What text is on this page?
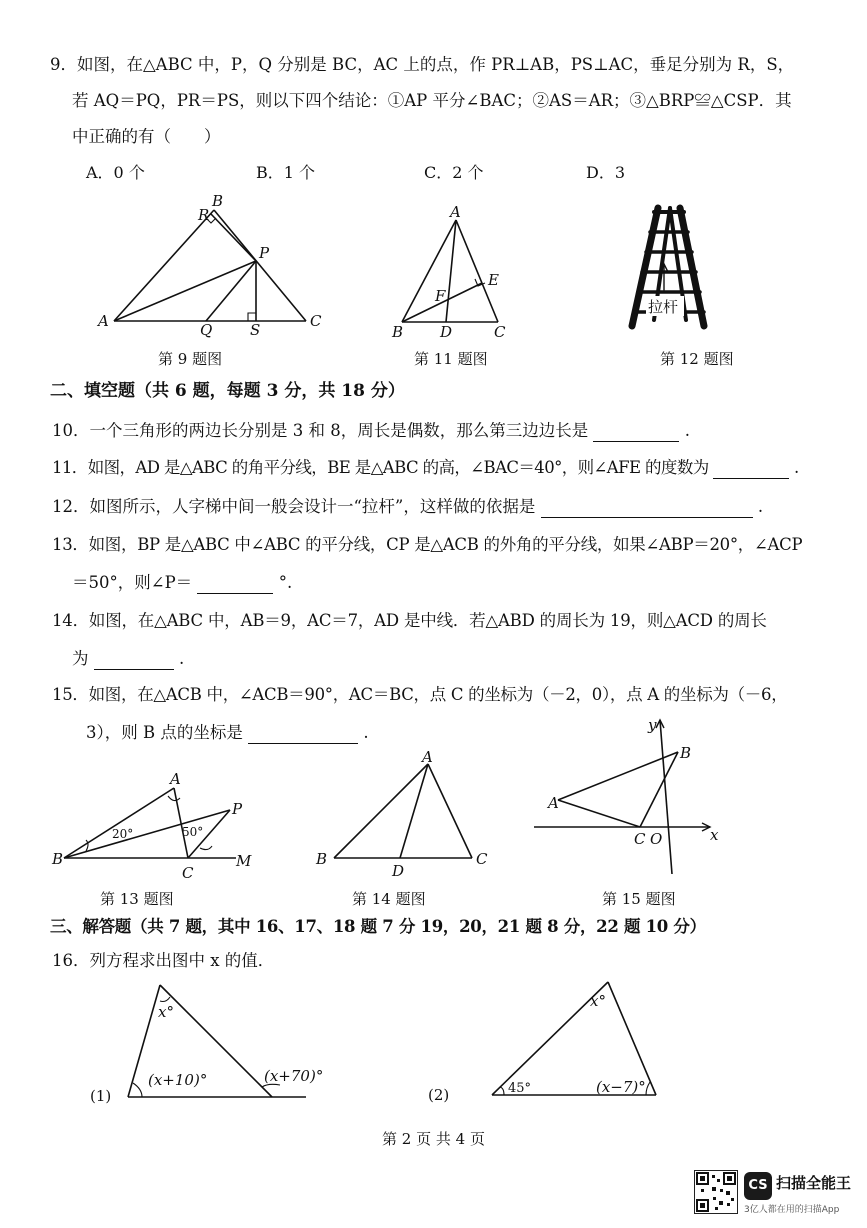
9．如图，在△ABC 中，P，Q 分别是 BC，AC 上的点，作 PR⊥AB，PS⊥AC，垂足分别为 R，S，
若 AQ＝PQ，PR＝PS，则以下四个结论：①AP 平分∠BAC；②AS＝AR；③△BRP≌△CSP．其
中正确的有（　　）
A．0 个	B．1 个	C．2 个	D．3
B
R
P
A	Q	S	C
第 9 题图
A
E
F
B D	C
第 11 题图
拉杆
第 12 题图
二、填空题（共 6 题，每题 3 分，共 18 分）
10．一个三角形的两边长分别是 3 和 8，周长是偶数，那么第三边边长是	.
11．如图，AD 是△ABC 的角平分线，BE 是△ABC 的高，∠BAC＝40°，则∠AFE 的度数为	.
12．如图所示，人字梯中间一般会设计一“拉杆”，这样做的依据是	.
13．如图，BP 是△ABC 中∠ABC 的平分线，CP 是△ACB 的外角的平分线，如果∠ABP＝20°，∠ACP
＝50°，则∠P＝	°.
14．如图，在△ABC 中，AB＝9，AC＝7，AD 是中线．若△ABD 的周长为 19，则△ACD 的周长
为	.
15．如图，在△ACB 中，∠ACB＝90°，AC＝BC，点 C 的坐标为（－2，0），点 A 的坐标为（－6，
3），则 B 点的坐标是	.
A
P
B
C
M
20°	50°
第 13 题图
A
B
D
C
第 14 题图
y
B
A
C O	x
第 15 题图
三、解答题（共 7 题，其中 16、17、18 题 7 分 19，20，21 题 8 分，22 题 10 分）
16．列方程求出图中 x 的值．
(1)
x°
(x+10)°	(x+70)°
(2)
x°
45°	(x−7)°
第 2 页 共 4 页
CS 扫描全能王
3亿人都在用的扫描App
